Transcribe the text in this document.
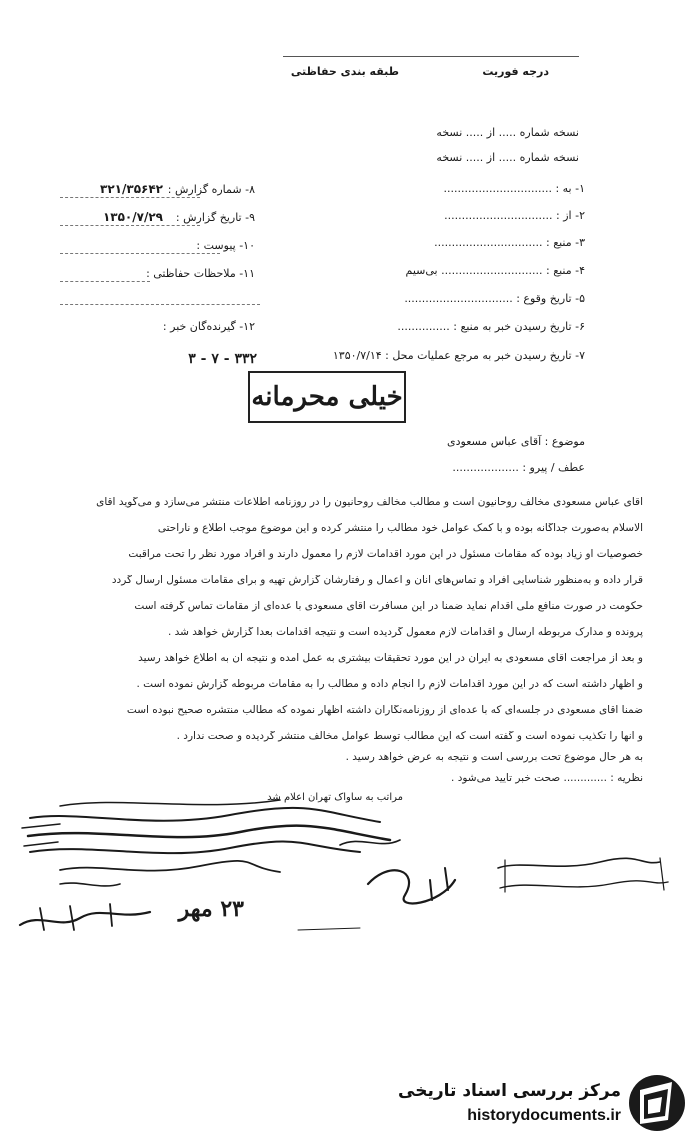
درجه فوریت
طبقه بندی حفاظتی
نسخه شماره ..... از ..... نسخه
نسخه شماره ..... از ..... نسخه
۱- به : ...............................
۲- از : ...............................
۳- منبع : ...............................
۴- منبع : ............................. بی‌سیم
۵- تاریخ وقوع : ...............................
۶- تاریخ رسیدن خبر به منبع : ...............
۷- تاریخ رسیدن خبر به مرجع عملیات محل : ۱۳۵۰/۷/۱۴
۸- شماره گزارش :
۳۲۱/۳۵۶۴۲
۹- تاریخ گزارش :
۱۳۵۰/۷/۲۹
۱۰- پیوست :
۱۱- ملاحظات حفاظتی :
۱۲- گیرنده‌گان خبر :
۳۳۲ - ۷ - ۳
خیلی محرمانه
موضوع : آقای عباس مسعودی
عطف / پیرو : ...................
آقای عباس مسعودی مخالف روحانیون است و مطالب مخالف روحانیون را در روزنامه اطلاعات منتشر می‌سازد و می‌گوید آقای
الاسلام به‌صورت جداگانه بوده و با کمک عوامل خود مطالب را منتشر کرده و این موضوع موجب اطلاع و ناراحتی
خصوصیات او زیاد بوده که مقامات مسئول در این مورد اقدامات لازم را معمول دارند و افراد مورد نظر را تحت مراقبت
قرار داده و به‌منظور شناسایی افراد و تماس‌های آنان و اعمال و رفتارشان گزارش تهیه و برای مقامات مسئول ارسال گردد
حکومت در صورت منافع ملی اقدام نماید ضمناً در این مسافرت آقای مسعودی با عده‌ای از مقامات تماس گرفته است
پرونده و مدارک مربوطه ارسال و اقدامات لازم معمول گردیده است و نتیجه اقدامات بعداً گزارش خواهد شد .
و بعد از مراجعت آقای مسعودی به ایران در این مورد تحقیقات بیشتری به عمل آمده و نتیجه آن به اطلاع خواهد رسید
و اظهار داشته است که در این مورد اقدامات لازم را انجام داده و مطالب را به مقامات مربوطه گزارش نموده است .
ضمناً آقای مسعودی در جلسه‌ای که با عده‌ای از روزنامه‌نگاران داشته اظهار نموده که مطالب منتشره صحیح نبوده است
و آنها را تکذیب نموده است و گفته است که این مطالب توسط عوامل مخالف منتشر گردیده و صحت ندارد .
به هر حال موضوع تحت بررسی است و نتیجه به عرض خواهد رسید .
نظریه : ............. صحت خبر تأیید می‌شود .
مراتب به ساواک تهران اعلام شد
۲۳ مهر
مرکز بررسی اسناد تاریخی
historydocuments.ir
